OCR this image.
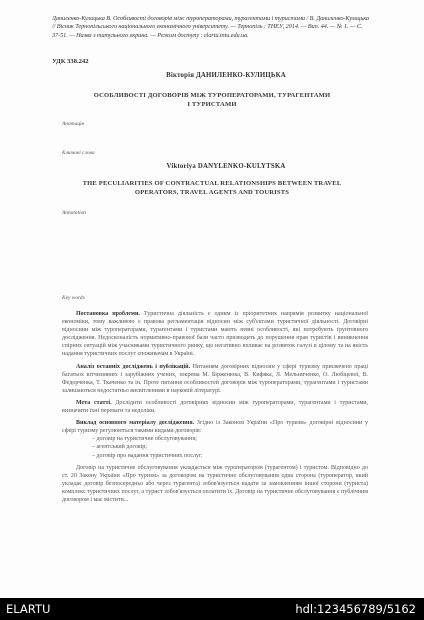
Даниленко-Кулицька В. Особливості договорів між туроператорами, турагентами і туристами / В. Даниленко-Кулицька // Вісник Тернопільського національного економічного університету. — Тернопіль : ТНЕУ, 2014. — Вип. 44. — № 1. — С. 37-51. — Назва з титульного екрана. — Режим доступу : elartu.tntu.edu.ua.
УДК 338.242
Вікторія ДАНИЛЕНКО-КУЛИЦЬКА
ОСОБЛИВОСТІ ДОГОВОРІВ МІЖ ТУРОПЕРАТОРАМИ, ТУРАГЕНТАМИ
І ТУРИСТАМИ
Анотація
Ключові слова
Viktoriya DANYLENKO-KULYTSKA
THE PECULIARITIES OF CONTRACTUAL RELATIONSHIPS BETWEEN TRAVEL
OPERATORS, TRAVEL AGENTS AND TOURISTS
Annotation
Key words

Постановка проблеми. Туристична діяльність є одним із пріоритетних напрямів розвитку національної економіки, тому важливою є правова регламентація відносин між суб'єктами туристичної діяльності. Договірні відносини між туроператорами, турагентами і туристами мають певні особливості, які потребують ґрунтовного дослідження. Недосконалість нормативно-правової бази часто призводить до порушення прав туристів і виникнення спірних ситуацій між учасниками туристичного ринку, що негативно впливає на розвиток галузі в цілому та на якість надання туристичних послуг споживачам в Україні.

Аналіз останніх досліджень і публікацій. Питанням договірних відносин у сфері туризму присвячено праці багатьох вітчизняних і зарубіжних учених, зокрема М. Бірженюка, В. Кифяка, Л. Мельниченко, О. Любіцевої, В. Федорченка, Т. Ткаченко та ін. Проте питання особливостей договорів між туроператорами, турагентами і туристами залишаються недостатньо висвітленими в науковій літературі.

Мета статті. Дослідити особливості договірних відносин між туроператорами, турагентами і туристами, визначити їхні переваги та недоліки.

Виклад основного матеріалу дослідження. Згідно із Законом України «Про туризм» договірні відносини у сфері туризму регулюються такими видами договорів:

– договір на туристичне обслуговування;

– агентський договір;

– договір про надання туристичних послуг.

Договір на туристичне обслуговування укладається між туроператором (турагентом) і туристом. Відповідно до ст. 20 Закону України «Про туризм» за договором на туристичне обслуговування одна сторона (туроператор, який укладає договір безпосередньо або через турагента) зобов'язується надати за замовленням іншої сторони (туриста) комплекс туристичних послуг, а турист зобов'язується оплатити їх. Договір на туристичне обслуговування є публічним договором і має містити...

ELARTU	hdl:123456789/5162
